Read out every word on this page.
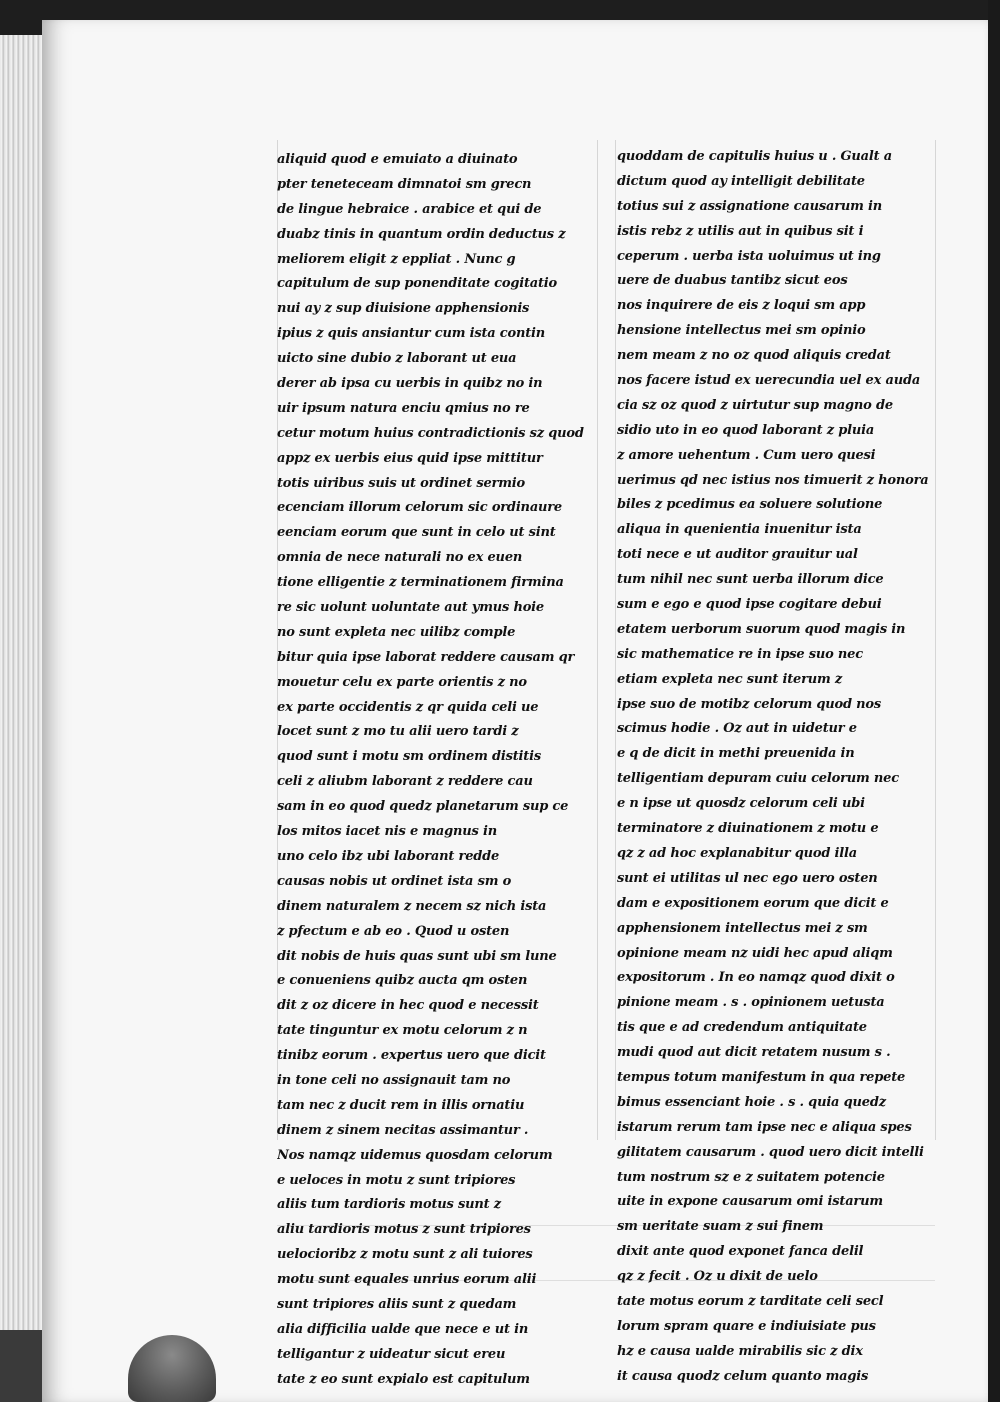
aliquid quod e emuiato a diuinato
pter teneteceam dimnatoi sm grecn
de lingue hebraice . arabice et qui de
duabz tinis in quantum ordin deductus z
meliorem eligit z eppliat . Nunc g
capitulum de sup ponenditate cogitatio
nui ay z sup diuisione apphensionis
ipius z quis ansiantur cum ista contin
uicto sine dubio z laborant ut eua
derer ab ipsa cu uerbis in quibz no in
uir ipsum natura enciu qmius no re
cetur motum huius contradictionis sz quod
appz ex uerbis eius quid ipse mittitur
totis uiribus suis ut ordinet sermio
ecenciam illorum celorum sic ordinaure
eenciam eorum que sunt in celo ut sint
omnia de nece naturali no ex euen
tione elligentie z terminationem firmina
re sic uolunt uoluntate aut ymus hoie
no sunt expleta nec uilibz comple
bitur quia ipse laborat reddere causam qr
mouetur celu ex parte orientis z no
ex parte occidentis z qr quida celi ue
locet sunt z mo tu alii uero tardi z
quod sunt i motu sm ordinem distitis
celi z aliubm laborant z reddere cau
sam in eo quod quedz planetarum sup ce
los mitos iacet nis e magnus in
uno celo ibz ubi laborant redde
causas nobis ut ordinet ista sm o
dinem naturalem z necem sz nich ista
z pfectum e ab eo . Quod u osten
dit nobis de huis quas sunt ubi sm lune
e conueniens quibz aucta qm osten
dit z oz dicere in hec quod e necessit
tate tinguntur ex motu celorum z n
tinibz eorum . expertus uero que dicit
in tone celi no assignauit tam no
tam nec z ducit rem in illis ornatiu
dinem z sinem necitas assimantur .
Nos namqz uidemus quosdam celorum
e ueloces in motu z sunt tripiores
aliis tum tardioris motus sunt z
aliu tardioris motus z sunt tripiores
uelocioribz z motu sunt z ali tuiores
motu sunt equales unrius eorum alii
sunt tripiores aliis sunt z quedam
alia difficilia ualde que nece e ut in
telligantur z uideatur sicut ereu
tate z eo sunt expialo est capitulum
quoddam de capitulis huius u . Gualt a
dictum quod ay intelligit debilitate
totius sui z assignatione causarum in
istis rebz z utilis aut in quibus sit i
ceperum . uerba ista uoluimus ut ing
uere de duabus tantibz sicut eos
nos inquirere de eis z loqui sm app
hensione intellectus mei sm opinio
nem meam z no oz quod aliquis credat
nos facere istud ex uerecundia uel ex auda
cia sz oz quod z uirtutur sup magno de
sidio uto in eo quod laborant z pluia
z amore uehentum . Cum uero quesi
uerimus qd nec istius nos timuerit z honora
biles z pcedimus ea soluere solutione
aliqua in quenientia inuenitur ista
toti nece e ut auditor grauitur ual
tum nihil nec sunt uerba illorum dice
sum e ego e quod ipse cogitare debui
etatem uerborum suorum quod magis in
sic mathematice re in ipse suo nec
etiam expleta nec sunt iterum z
ipse suo de motibz celorum quod nos
scimus hodie . Oz aut in uidetur e
e q de dicit in methi preuenida in
telligentiam depuram cuiu celorum nec
e n ipse ut quosdz celorum celi ubi
terminatore z diuinationem z motu e
qz z ad hoc explanabitur quod illa
sunt ei utilitas ul nec ego uero osten
dam e expositionem eorum que dicit e
apphensionem intellectus mei z sm
opinione meam nz uidi hec apud aliqm
expositorum . In eo namqz quod dixit o
pinione meam . s . opinionem uetusta
tis que e ad credendum antiquitate
mudi quod aut dicit retatem nusum s .
tempus totum manifestum in qua repete
bimus essenciant hoie . s . quia quedz
istarum rerum tam ipse nec e aliqua spes
gilitatem causarum . quod uero dicit intelli
tum nostrum sz e z suitatem potencie
uite in expone causarum omi istarum
sm ueritate suam z sui finem
dixit ante quod exponet fanca delil
qz z fecit . Oz u dixit de uelo
tate motus eorum z tarditate celi secl
lorum spram quare e indiuisiate pus
hz e causa ualde mirabilis sic z dix
it causa quodz celum quanto magis
